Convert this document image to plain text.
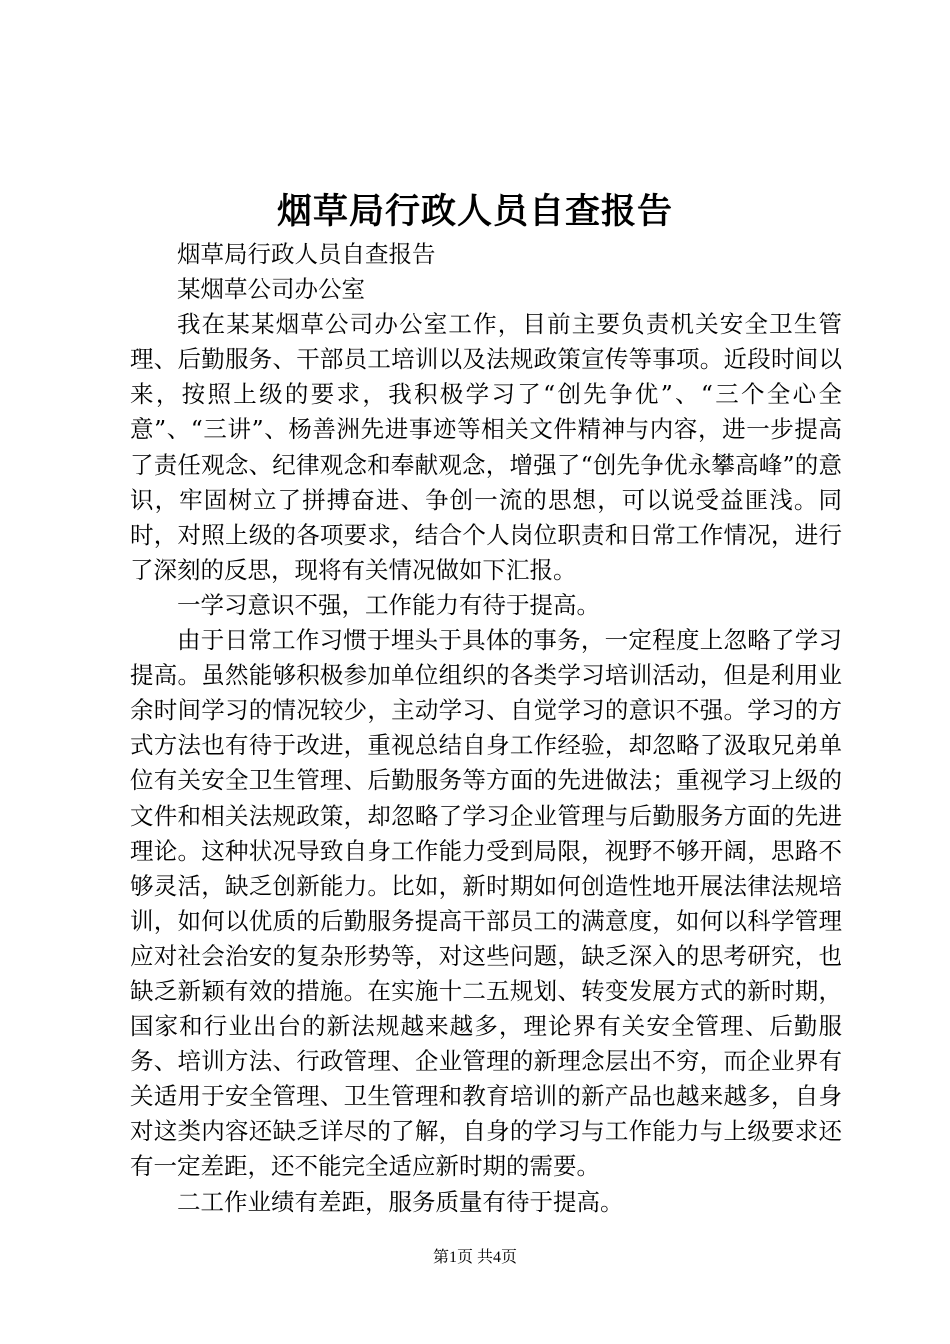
烟草局行政人员自查报告

烟草局行政人员自查报告

某烟草公司办公室

我在某某烟草公司办公室工作，目前主要负责机关安全卫生管理、后勤服务、干部员工培训以及法规政策宣传等事项。近段时间以来，按照上级的要求，我积极学习了“创先争优”、“三个全心全意”、“三讲”、杨善洲先进事迹等相关文件精神与内容，进一步提高了责任观念、纪律观念和奉献观念，增强了“创先争优永攀高峰”的意识，牢固树立了拼搏奋进、争创一流的思想，可以说受益匪浅。同时，对照上级的各项要求，结合个人岗位职责和日常工作情况，进行了深刻的反思，现将有关情况做如下汇报。

一学习意识不强，工作能力有待于提高。

由于日常工作习惯于埋头于具体的事务，一定程度上忽略了学习提高。虽然能够积极参加单位组织的各类学习培训活动，但是利用业余时间学习的情况较少，主动学习、自觉学习的意识不强。学习的方式方法也有待于改进，重视总结自身工作经验，却忽略了汲取兄弟单位有关安全卫生管理、后勤服务等方面的先进做法；重视学习上级的文件和相关法规政策，却忽略了学习企业管理与后勤服务方面的先进理论。这种状况导致自身工作能力受到局限，视野不够开阔，思路不够灵活，缺乏创新能力。比如，新时期如何创造性地开展法律法规培训，如何以优质的后勤服务提高干部员工的满意度，如何以科学管理应对社会治安的复杂形势等，对这些问题，缺乏深入的思考研究，也缺乏新颖有效的措施。在实施十二五规划、转变发展方式的新时期，国家和行业出台的新法规越来越多，理论界有关安全管理、后勤服务、培训方法、行政管理、企业管理的新理念层出不穷，而企业界有关适用于安全管理、卫生管理和教育培训的新产品也越来越多，自身对这类内容还缺乏详尽的了解，自身的学习与工作能力与上级要求还有一定差距，还不能完全适应新时期的需要。

二工作业绩有差距，服务质量有待于提高。

第1页 共4页
